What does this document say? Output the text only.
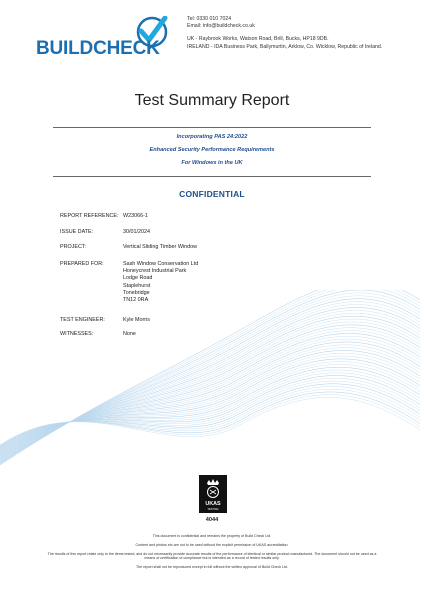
BUILDCHECK
Tel: 0330 010 7024
Email: info@buildcheck.co.uk
UK - Raybrook Works, Watson Road, Brill, Bucks, HP18 9DB.
IRELAND - IDA Business Park, Ballymurtin, Arklow, Co. Wicklow, Republic of Ireland.
Test Summary Report
Incorporating PAS 24:2022
Enhanced Security Performance Requirements
For Windows in the UK
CONFIDENTIAL
REPORT REFERENCE: W23066-1
ISSUE DATE:	30/01/2024
PROJECT:	Vertical Sliding Timber Window
PREPARED FOR:	Sash Window Conservation Ltd
Honeycrest Industrial Park
Lodge Road
Staplehurst
Tonebridge
TN12 0RA
TEST ENGINEER:	Kyle Morris
WITNESSES:	None
UKAS
TESTING
4044
This document is confidential and remains the property of Build Check Ltd.
Content and photos etc are not to be used without the explicit permission of UKAS accreditation.
The results of this report relate only to the items tested, and do not necessarily provide accurate results of the performance of identical or similar product manufactured. The document should not be used as a means of certification of compliance but is intended as a record of tested results only.
The report shall not be reproduced except in full without the written approval of Build Check Ltd.
